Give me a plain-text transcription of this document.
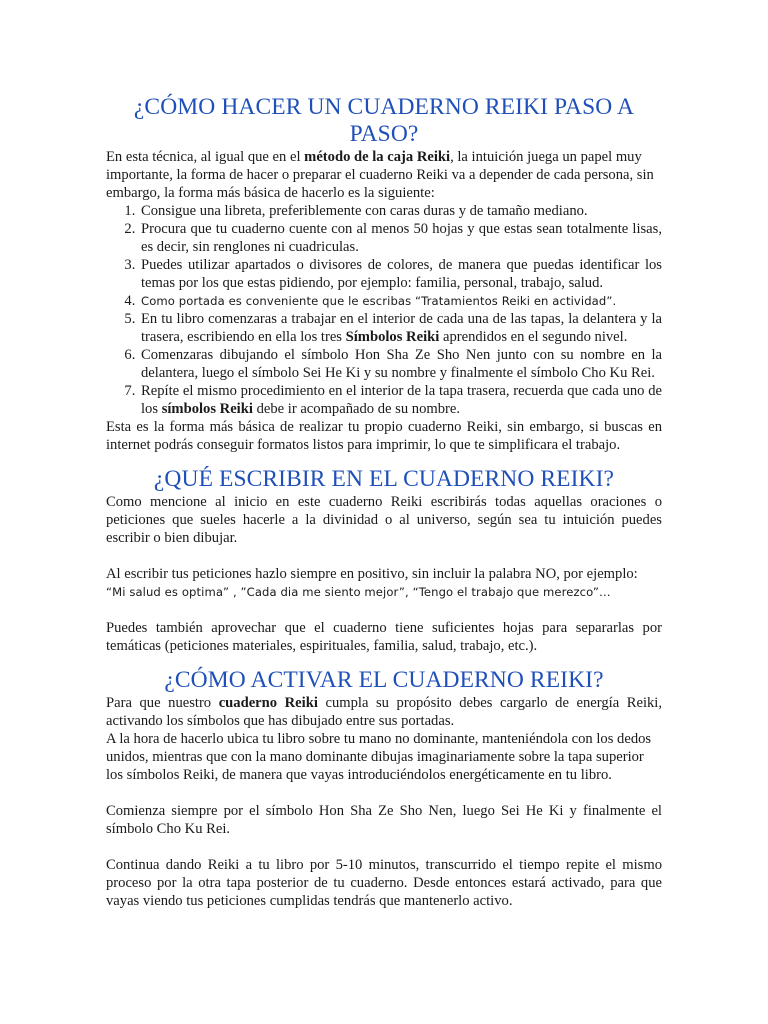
¿CÓMO HACER UN CUADERNO REIKI PASO A PASO?

En esta técnica, al igual que en el método de la caja Reiki, la intuición juega un papel muy importante, la forma de hacer o preparar el cuaderno Reiki va a depender de cada persona, sin embargo, la forma más básica de hacerlo es la siguiente:

1. Consigue una libreta, preferiblemente con caras duras y de tamaño mediano.
2. Procura que tu cuaderno cuente con al menos 50 hojas y que estas sean totalmente lisas, es decir, sin renglones ni cuadriculas.
3. Puedes utilizar apartados o divisores de colores, de manera que puedas identificar los temas por los que estas pidiendo, por ejemplo: familia, personal, trabajo, salud.
4. Como portada es conveniente que le escribas “Tratamientos Reiki en actividad”.
5. En tu libro comenzaras a trabajar en el interior de cada una de las tapas, la delantera y la trasera, escribiendo en ella los tres Símbolos Reiki aprendidos en el segundo nivel.
6. Comenzaras dibujando el símbolo Hon Sha Ze Sho Nen junto con su nombre en la delantera, luego el símbolo Sei He Ki y su nombre y finalmente el símbolo Cho Ku Rei.
7. Repíte el mismo procedimiento en el interior de la tapa trasera, recuerda que cada uno de los símbolos Reiki debe ir acompañado de su nombre.

Esta es la forma más básica de realizar tu propio cuaderno Reiki, sin embargo, si buscas en internet podrás conseguir formatos listos para imprimir, lo que te simplificara el trabajo.

¿QUÉ ESCRIBIR EN EL CUADERNO REIKI?

Como mencione al inicio en este cuaderno Reiki escribirás todas aquellas oraciones o peticiones que sueles hacerle a la divinidad o al universo, según sea tu intuición puedes escribir o bien dibujar.

Al escribir tus peticiones hazlo siempre en positivo, sin incluir la palabra NO, por ejemplo:
“Mi salud es optima” , ”Cada dia me siento mejor”, “Tengo el trabajo que merezco”…

Puedes también aprovechar que el cuaderno tiene suficientes hojas para separarlas por temáticas (peticiones materiales, espirituales, familia, salud, trabajo, etc.).

¿CÓMO ACTIVAR EL CUADERNO REIKI?

Para que nuestro cuaderno Reiki cumpla su propósito debes cargarlo de energía Reiki, activando los símbolos que has dibujado entre sus portadas.

A la hora de hacerlo ubica tu libro sobre tu mano no dominante, manteniéndola con los dedos unidos, mientras que con la mano dominante dibujas imaginariamente sobre la tapa superior los símbolos Reiki, de manera que vayas introduciéndolos energéticamente en tu libro.

Comienza siempre por el símbolo Hon Sha Ze Sho Nen, luego Sei He Ki y finalmente el símbolo Cho Ku Rei.

Continua dando Reiki a tu libro por 5-10 minutos, transcurrido el tiempo repite el mismo proceso por la otra tapa posterior de tu cuaderno. Desde entonces estará activado, para que vayas viendo tus peticiones cumplidas tendrás que mantenerlo activo.
